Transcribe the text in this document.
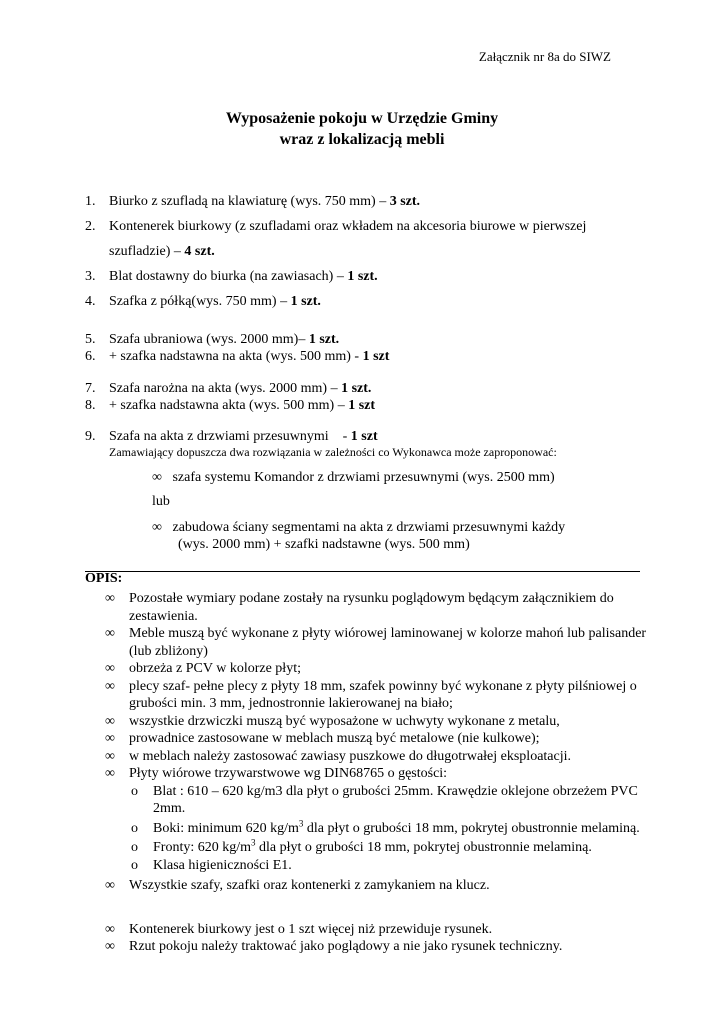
Załącznik nr 8a do SIWZ
Wyposażenie pokoju w Urzędzie Gminy
wraz z lokalizacją mebli
1. Biurko z szufladą na klawiaturę (wys. 750 mm) – 3 szt.
2. Kontenerek biurkowy (z szufladami oraz wkładem na akcesoria biurowe w pierwszej
szufladzie) – 4 szt.
3. Blat dostawny do biurka (na zawiasach) – 1 szt.
4. Szafka z półką(wys. 750 mm) – 1 szt.
5. Szafa ubraniowa (wys. 2000 mm)– 1 szt.
6. + szafka nadstawna na akta (wys. 500 mm) - 1 szt
7. Szafa narożna na akta (wys. 2000 mm) – 1 szt.
8. + szafka nadstawna akta (wys. 500 mm) – 1 szt
9. Szafa na akta z drzwiami przesuwnymi    - 1 szt
Zamawiający dopuszcza dwa rozwiązania w zależności co Wykonawca może zaproponować:
∞ szafa systemu Komandor z drzwiami przesuwnymi (wys. 2500 mm)
lub
∞ zabudowa ściany segmentami na akta z drzwiami przesuwnymi każdy
(wys. 2000 mm) + szafki nadstawne (wys. 500 mm)
OPIS:
∞ Pozostałe wymiary podane zostały na rysunku poglądowym będącym załącznikiem do zestawienia.
∞ Meble muszą być wykonane z płyty wiórowej laminowanej w kolorze mahoń lub palisander (lub zbliżony)
∞ obrzeża z PCV w kolorze płyt;
∞ plecy szaf- pełne plecy z płyty 18 mm, szafek powinny być wykonane z płyty pilśniowej o grubości min. 3 mm, jednostronnie lakierowanej na biało;
∞ wszystkie drzwiczki muszą być wyposażone w uchwyty wykonane z metalu,
∞ prowadnice zastosowane w meblach muszą być metalowe (nie kulkowe);
∞ w meblach należy zastosować zawiasy puszkowe do długotrwałej eksploatacji.
∞ Płyty wiórowe trzywarstwowe wg DIN68765 o gęstości:
o Blat : 610 – 620 kg/m3 dla płyt o grubości 25mm. Krawędzie oklejone obrzeżem PVC 2mm.
o Boki: minimum 620 $kg/m^3$ dla płyt o grubości 18 mm, pokrytej obustronnie melaminą.
o Fronty: 620 $kg/m^3$ dla płyt o grubości 18 mm, pokrytej obustronnie melaminą.
o Klasa higieniczności E1.
∞ Wszystkie szafy, szafki oraz kontenerki z zamykaniem na klucz.
∞ Kontenerek biurkowy jest o 1 szt więcej niż przewiduje rysunek.
∞ Rzut pokoju należy traktować jako poglądowy a nie jako rysunek techniczny.
